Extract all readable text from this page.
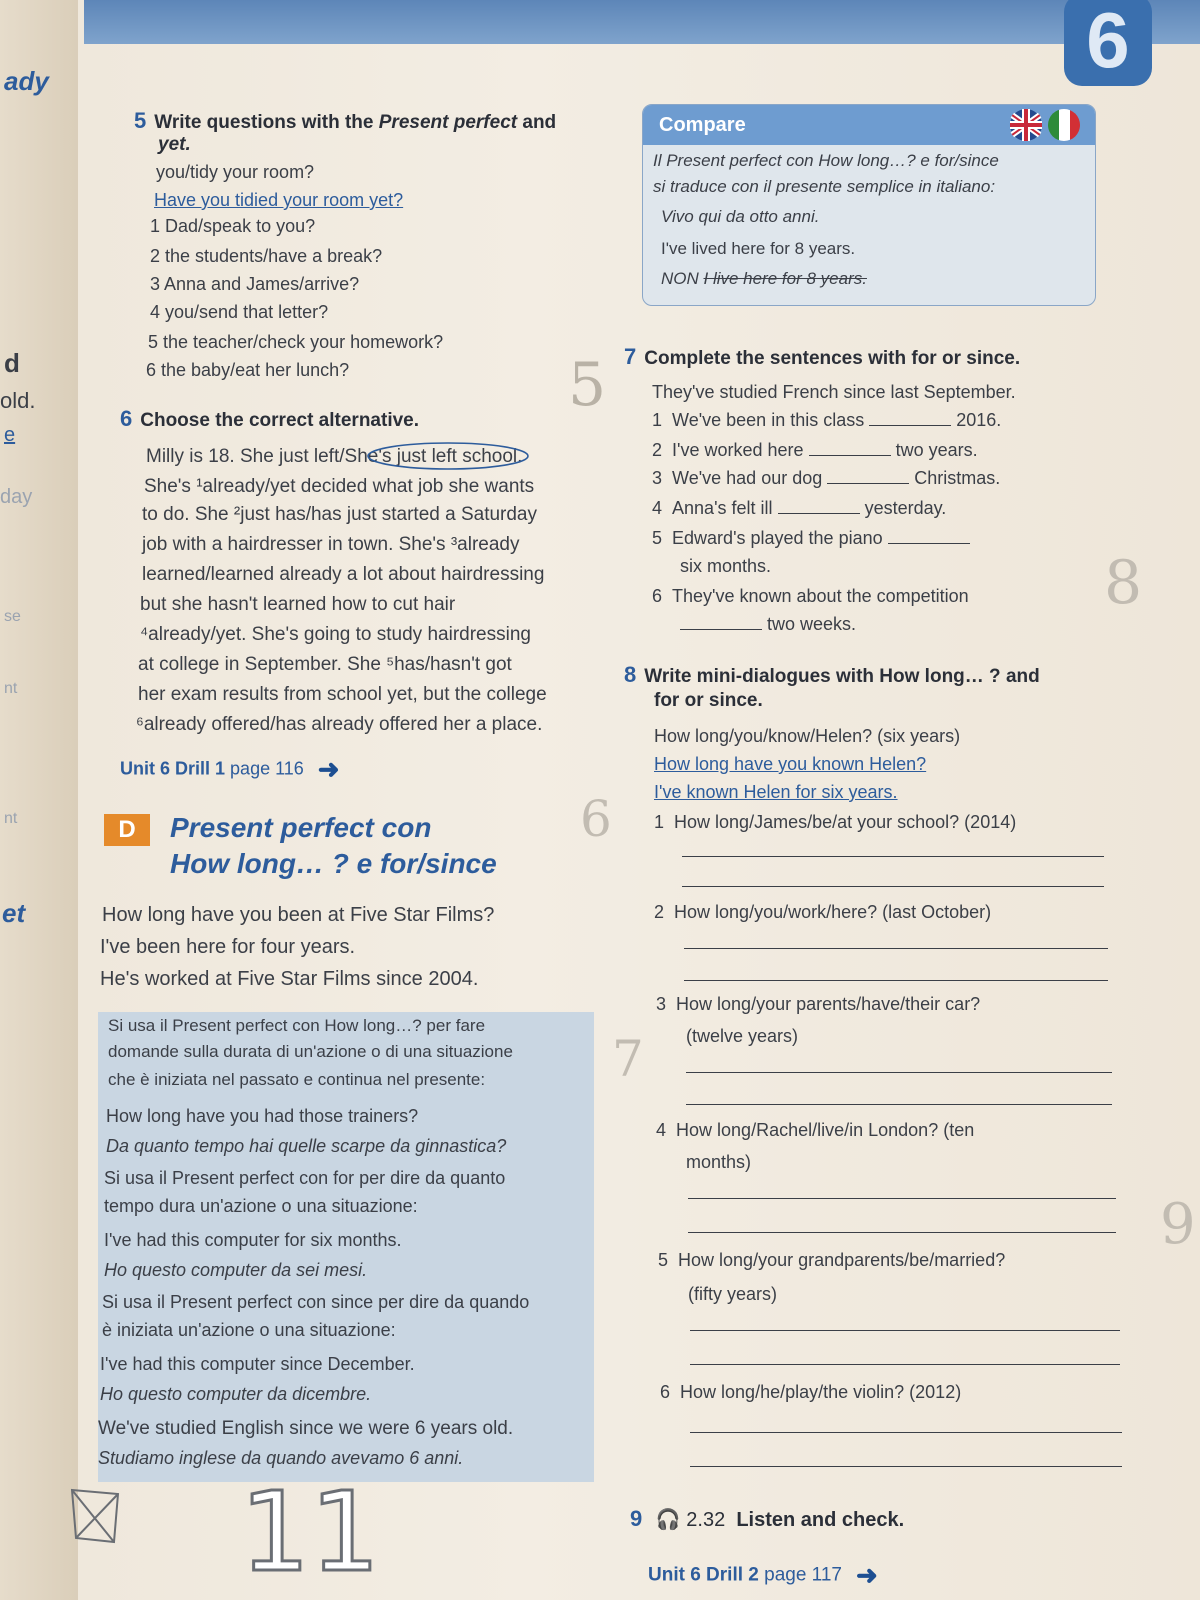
6
ady
d
old.
e
day
se
nt
nt
et
5 Write questions with the Present perfect and
yet.
you/tidy your room?
Have you tidied your room yet?
1 Dad/speak to you?
2 the students/have a break?
3 Anna and James/arrive?
4 you/send that letter?
5 the teacher/check your homework?
6 the baby/eat her lunch?
Compare
Il Present perfect con How long…? e for/since
si traduce con il presente semplice in italiano:
Vivo qui da otto anni.
I've lived here for 8 years.
NON I live here for 8 years.
6 Choose the correct alternative.
Milly is 18. She just left/She's just left school.
She's ¹already/yet decided what job she wants
to do. She ²just has/has just started a Saturday
job with a hairdresser in town. She's ³already
learned/learned already a lot about hairdressing
but she hasn't learned how to cut hair
⁴already/yet. She's going to study hairdressing
at college in September. She ⁵has/hasn't got
her exam results from school yet, but the college
⁶already offered/has already offered her a place.
Unit 6 Drill 1 page 116 ➜
D	Present perfect con
How long… ? e for/since
How long have you been at Five Star Films?
I've been here for four years.
He's worked at Five Star Films since 2004.
Si usa il Present perfect con How long…? per fare
domande sulla durata di un'azione o di una situazione
che è iniziata nel passato e continua nel presente:
How long have you had those trainers?
Da quanto tempo hai quelle scarpe da ginnastica?
Si usa il Present perfect con for per dire da quanto
tempo dura un'azione o una situazione:
I've had this computer for six months.
Ho questo computer da sei mesi.
Si usa il Present perfect con since per dire da quando
è iniziata un'azione o una situazione:
I've had this computer since December.
Ho questo computer da dicembre.
We've studied English since we were 6 years old.
Studiamo inglese da quando avevamo 6 anni.
7 Complete the sentences with for or since.
They've studied French since last September.
1 We've been in this class	2016.
2 I've worked here	two years.
3 We've had our dog	Christmas.
4 Anna's felt ill	yesterday.
5 Edward's played the piano
six months.
6 They've known about the competition
two weeks.
8 Write mini-dialogues with How long… ? and
for or since.
How long/you/know/Helen? (six years)
How long have you known Helen?
I've known Helen for six years.
1 How long/James/be/at your school? (2014)
2 How long/you/work/here? (last October)
3 How long/your parents/have/their car?
(twelve years)
4 How long/Rachel/live/in London? (ten
months)
5 How long/your grandparents/be/married?
(fifty years)
6 How long/he/play/the violin? (2012)
9 🎧 2.32 Listen and check.
Unit 6 Drill 2 page 117 ➜
5
6
7
8
9
11
